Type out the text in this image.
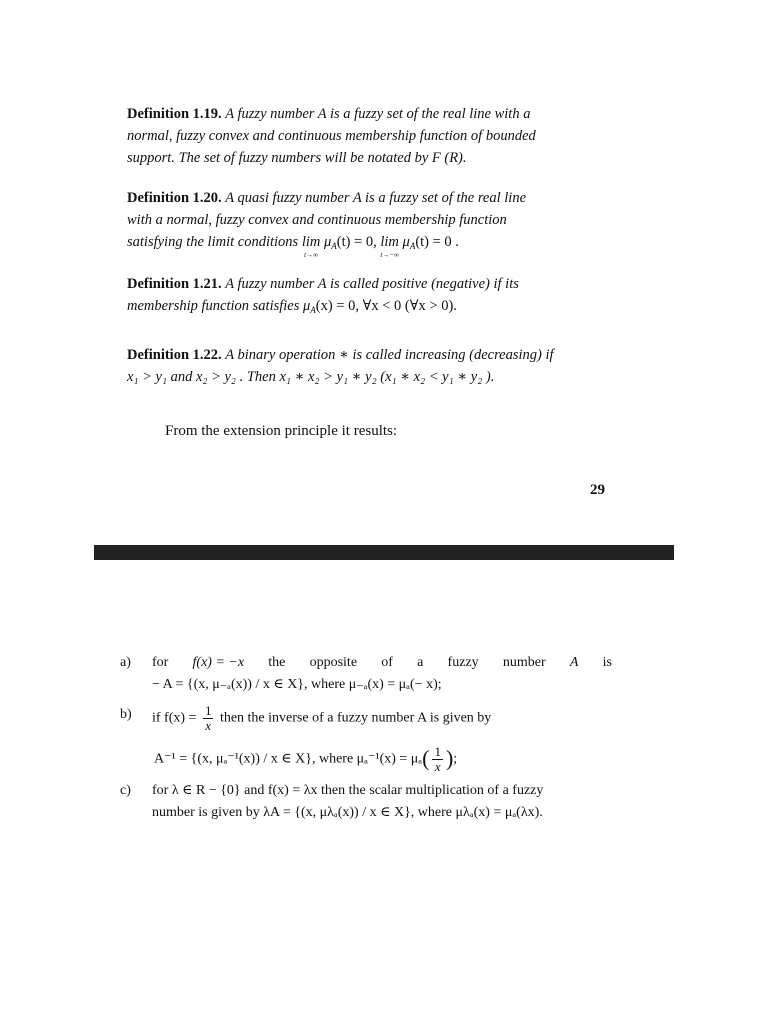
Definition 1.19. A fuzzy number A is a fuzzy set of the real line with a
normal, fuzzy convex and continuous membership function of bounded
support. The set of fuzzy numbers will be notated by F (R).
Definition 1.20. A quasi fuzzy number A is a fuzzy set of the real line
with a normal, fuzzy convex and continuous membership function
satisfying the limit conditions lim
t→∞
$\mu_A(t) = 0$, lim
t→−∞
$\mu_A(t) = 0$ .
Definition 1.21. A fuzzy number A is called positive (negative) if its
membership function satisfies $\mu_A(x) = 0$, ∀x < 0 (∀x > 0).
Definition 1.22. A binary operation ∗ is called increasing (decreasing) if
x₁ > y₁ and x₂ > y₂ . Then x₁ ∗ x₂ > y₁ ∗ y₂ (x₁ ∗ x₂ < y₁ ∗ y₂ ).
From the extension principle it results:
29
a) for f(x) = −x the opposite of a fuzzy number A is
− A = {(x, μ₋ₐ(x)) / x ∈ X}, where μ₋ₐ(x) = μₐ(− x);
b) if $f(x) = \frac{1}{x}$ then the inverse of a fuzzy number A is given by
A⁻¹ = {(x, μₐ⁻¹(x)) / x ∈ X}, where $\mu_a^{-1}(x) = \mu_a( \frac{1}{x}$ );
c) for λ ∈ R − {0} and f(x) = λx then the scalar multiplication of a fuzzy
number is given by λA = {(x, μλₐ(x)) / x ∈ X}, where μλₐ(x) = μₐ(λx).
